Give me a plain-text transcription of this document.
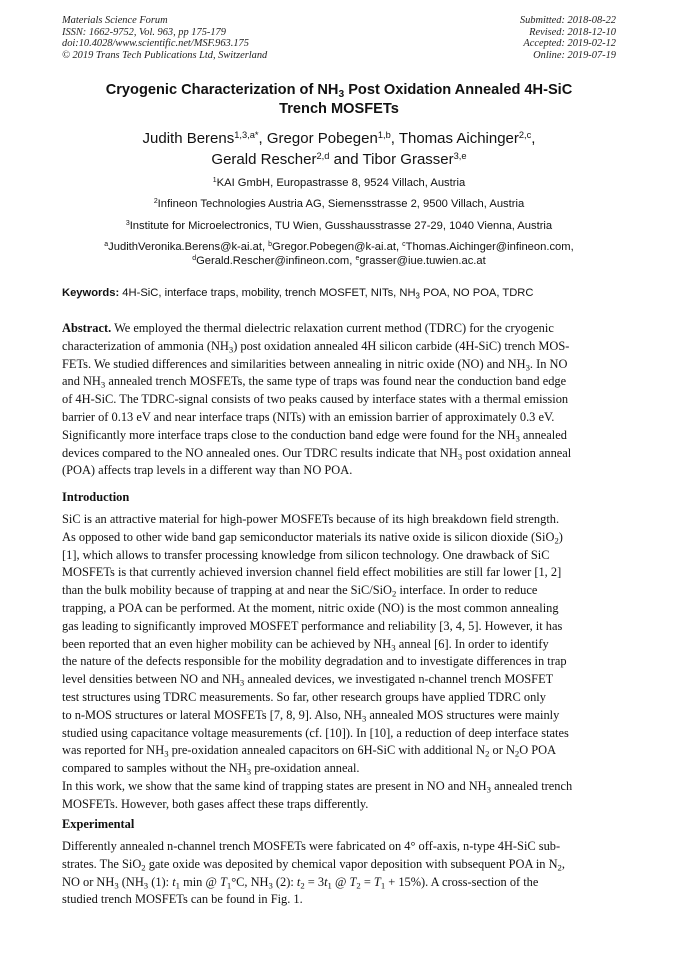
Materials Science Forum
ISSN: 1662-9752, Vol. 963, pp 175-179
doi:10.4028/www.scientific.net/MSF.963.175
© 2019 Trans Tech Publications Ltd, Switzerland
Submitted: 2018-08-22
Revised: 2018-12-10
Accepted: 2019-02-12
Online: 2019-07-19
Cryogenic Characterization of $NH_3$ Post Oxidation Annealed 4H-SiC
Trench MOSFETs
Judith Berens$^{1,3,a*}$, Gregor Pobegen$^{1,b}$, Thomas Aichinger$^{2,c}$,
Gerald Rescher$^{2,d}$ and Tibor Grasser$^{3,e}$
$^1$KAI GmbH, Europastrasse 8, 9524 Villach, Austria
$^2$Infineon Technologies Austria AG, Siemensstrasse 2, 9500 Villach, Austria
$^3$Institute for Microelectronics, TU Wien, Gusshausstrasse 27-29, 1040 Vienna, Austria
$^a$JudithVeronika.Berens@k-ai.at, $^b$Gregor.Pobegen@k-ai.at, $^c$Thomas.Aichinger@infineon.com,
$^d$Gerald.Rescher@infineon.com, $^e$grasser@iue.tuwien.ac.at
Keywords: 4H-SiC, interface traps, mobility, trench MOSFET, NITs, $NH_3$ POA, NO POA, TDRC
Abstract. We employed the thermal dielectric relaxation current method (TDRC) for the cryogenic
characterization of ammonia $(NH_3)$ post oxidation annealed 4H silicon carbide (4H-SiC) trench MOS-
FETs. We studied differences and similarities between annealing in nitric oxide (NO) and $NH_3$. In NO
and $NH_3$ annealed trench MOSFETs, the same type of traps was found near the conduction band edge
of 4H-SiC. The TDRC-signal consists of two peaks caused by interface states with a thermal emission
barrier of 0.13 eV and near interface traps (NITs) with an emission barrier of approximately 0.3 eV.
Significantly more interface traps close to the conduction band edge were found for the $NH_3$ annealed
devices compared to the NO annealed ones. Our TDRC results indicate that $NH_3$ post oxidation anneal
(POA) affects trap levels in a different way than NO POA.
Introduction
SiC is an attractive material for high-power MOSFETs because of its high breakdown field strength.
As opposed to other wide band gap semiconductor materials its native oxide is silicon dioxide (SiO$_2$)
[1], which allows to transfer processing knowledge from silicon technology. One drawback of SiC
MOSFETs is that currently achieved inversion channel field effect mobilities are still far lower [1, 2]
than the bulk mobility because of trapping at and near the SiC/SiO$_2$ interface. In order to reduce
trapping, a POA can be performed. At the moment, nitric oxide (NO) is the most common annealing
gas leading to significantly improved MOSFET performance and reliability [3, 4, 5]. However, it has
been reported that an even higher mobility can be achieved by $NH_3$ anneal [6]. In order to identify
the nature of the defects responsible for the mobility degradation and to investigate differences in trap
level densities between NO and $NH_3$ annealed devices, we investigated n-channel trench MOSFET
test structures using TDRC measurements. So far, other research groups have applied TDRC only
to n-MOS structures or lateral MOSFETs [7, 8, 9]. Also, $NH_3$ annealed MOS structures were mainly
studied using capacitance voltage measurements (cf. [10]). In [10], a reduction of deep interface states
was reported for $NH_3$ pre-oxidation annealed capacitors on 6H-SiC with additional $N_2$ or $N_2O$ POA
compared to samples without the $NH_3$ pre-oxidation anneal.
In this work, we show that the same kind of trapping states are present in NO and $NH_3$ annealed trench
MOSFETs. However, both gases affect these traps differently.
Experimental
Differently annealed n-channel trench MOSFETs were fabricated on 4° off-axis, n-type 4H-SiC sub-
strates. The SiO$_2$ gate oxide was deposited by chemical vapor deposition with subsequent POA in $N_2$,
NO or $NH_3$ ($NH_3$ (1): $t_1$ min @ $T_1^\circ C$, $NH_3$ (2): $t_2 = 3t_1$ @ $T_2 = T_1 + 15\%$). A cross-section of the
studied trench MOSFETs can be found in Fig. 1.
